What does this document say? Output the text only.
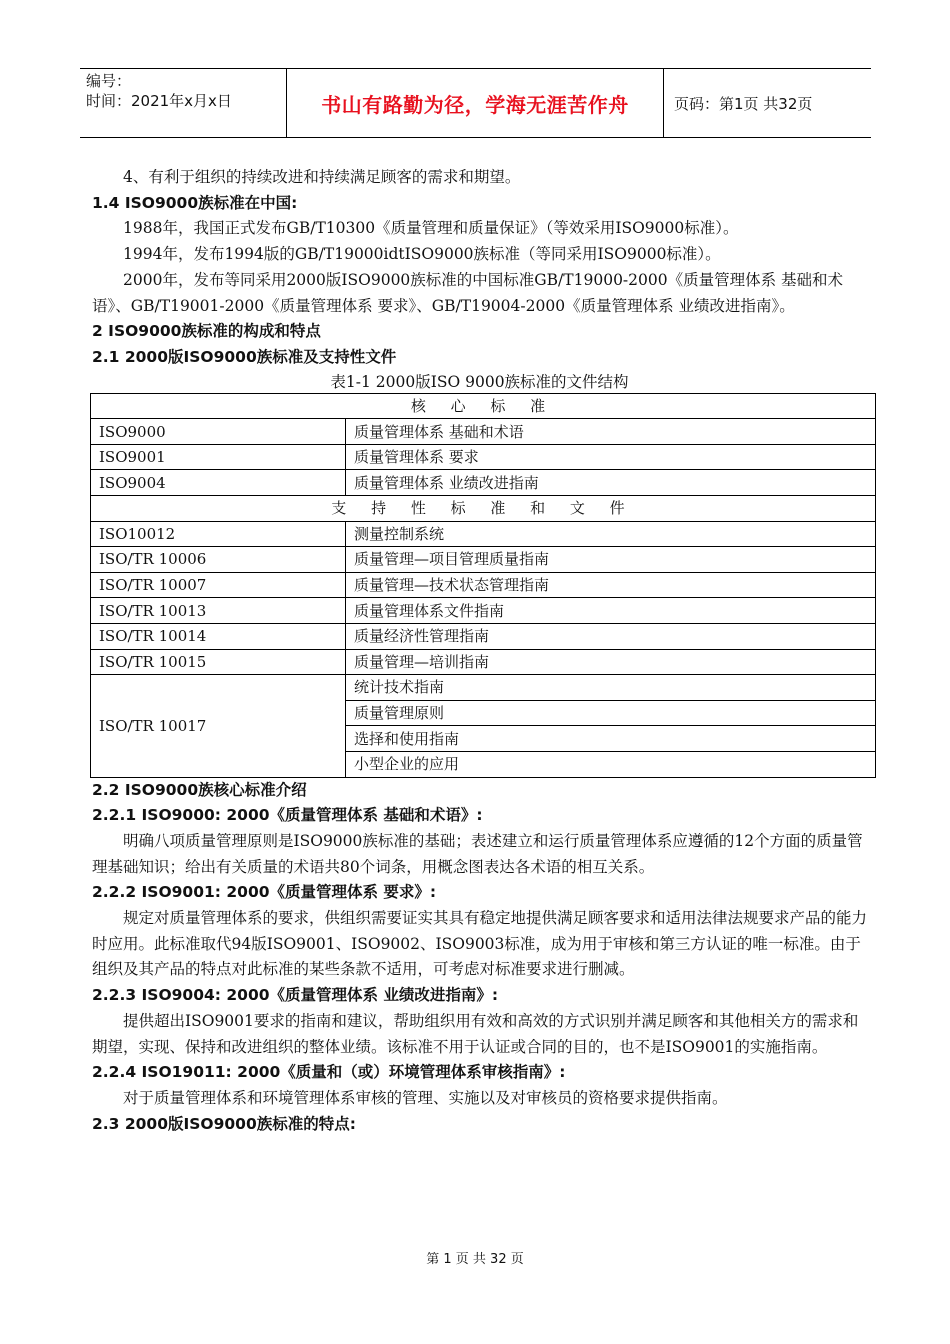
编号：
时间：2021年x月x日	书山有路勤为径，学海无涯苦作舟	页码：第1页 共32页

4、有利于组织的持续改进和持续满足顾客的需求和期望。

1.4 ISO9000族标准在中国:

1988年，我国正式发布GB/T10300《质量管理和质量保证》（等效采用ISO9000标准）。

1994年，发布1994版的GB/T19000idtISO9000族标准（等同采用ISO9000标准）。

2000年，发布等同采用2000版ISO9000族标准的中国标准GB/T19000-2000《质量管理体系 基础和术语》、GB/T19001-2000《质量管理体系 要求》、GB/T19004-2000《质量管理体系 业绩改进指南》。

2 ISO9000族标准的构成和特点

2.1 2000版ISO9000族标准及支持性文件

表1-1 2000版ISO 9000族标准的文件结构

核 心 标 准	
ISO9000	质量管理体系 基础和术语
ISO9001	质量管理体系 要求
ISO9004	质量管理体系 业绩改进指南
支 持 性 标 准 和 文 件	
ISO10012	测量控制系统
ISO/TR 10006	质量管理—项目管理质量指南
ISO/TR 10007	质量管理—技术状态管理指南
ISO/TR 10013	质量管理体系文件指南
ISO/TR 10014	质量经济性管理指南
ISO/TR 10015	质量管理—培训指南
ISO/TR 10017	统计技术指南
	质量管理原则
	选择和使用指南
	小型企业的应用

2.2 ISO9000族核心标准介绍

2.2.1 ISO9000: 2000《质量管理体系 基础和术语》:

明确八项质量管理原则是ISO9000族标准的基础；表述建立和运行质量管理体系应遵循的12个方面的质量管理基础知识；给出有关质量的术语共80个词条，用概念图表达各术语的相互关系。

2.2.2 ISO9001: 2000《质量管理体系 要求》:

规定对质量管理体系的要求，供组织需要证实其具有稳定地提供满足顾客要求和适用法律法规要求产品的能力时应用。此标准取代94版ISO9001、ISO9002、ISO9003标准，成为用于审核和第三方认证的唯一标准。由于组织及其产品的特点对此标准的某些条款不适用，可考虑对标准要求进行删减。

2.2.3 ISO9004: 2000《质量管理体系 业绩改进指南》:

提供超出ISO9001要求的指南和建议，帮助组织用有效和高效的方式识别并满足顾客和其他相关方的需求和期望，实现、保持和改进组织的整体业绩。该标准不用于认证或合同的目的，也不是ISO9001的实施指南。

2.2.4 ISO19011: 2000《质量和（或）环境管理体系审核指南》:

对于质量管理体系和环境管理体系审核的管理、实施以及对审核员的资格要求提供指南。

2.3 2000版ISO9000族标准的特点:

第 1 页 共 32 页
